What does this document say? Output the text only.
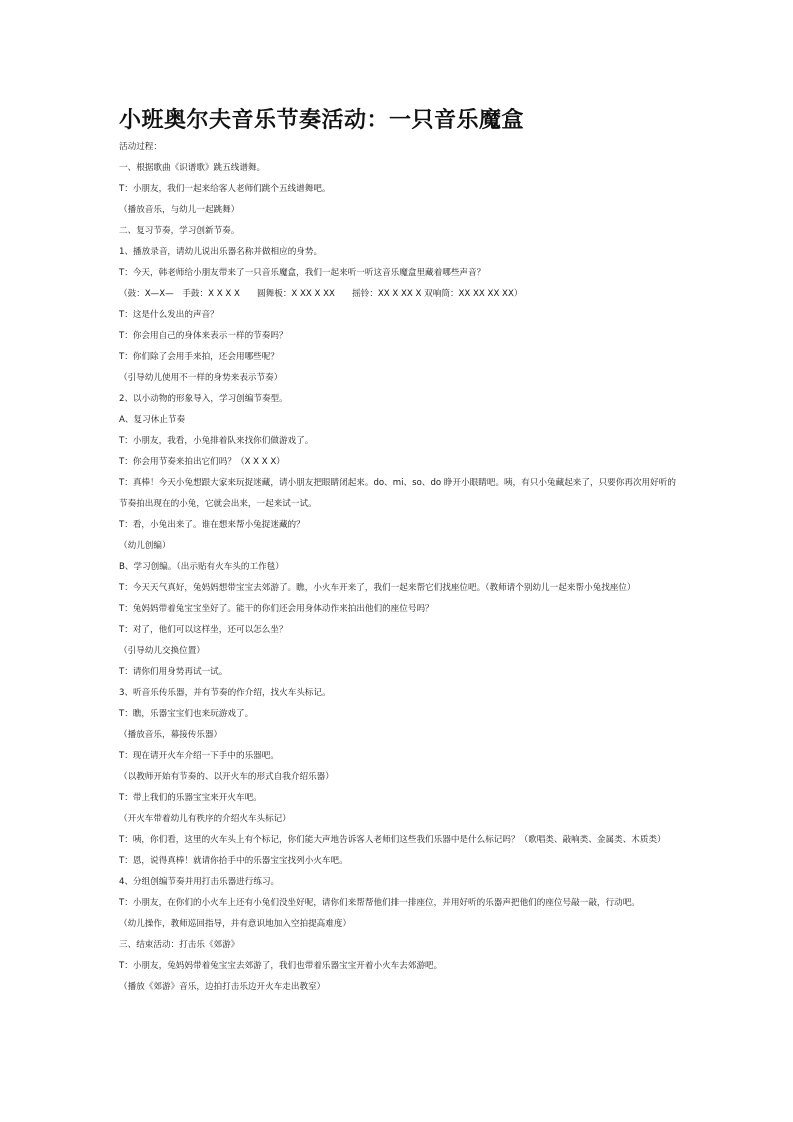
小班奥尔夫音乐节奏活动：一只音乐魔盒
活动过程：
一、根据歌曲《识谱歌》跳五线谱舞。
T：小朋友，我们一起来给客人老师们跳个五线谱舞吧。
（播放音乐，与幼儿一起跳舞）
二、复习节奏，学习创新节奏。
1、播放录音，请幼儿说出乐器名称并做相应的身势。
T：今天，韩老师给小朋友带来了一只音乐魔盒，我们一起来听一听这音乐魔盒里藏着哪些声音？
（鼓：X—X—　手鼓：X X X X　　圆舞板：X XX X XX　　摇铃：XX X XX X 双响筒：XX XX XX XX）
T：这是什么发出的声音？
T：你会用自己的身体来表示一样的节奏吗？
T：你们除了会用手来拍，还会用哪些呢？
（引导幼儿使用不一样的身势来表示节奏）
2、以小动物的形象导入，学习创编节奏型。
A、复习休止节奏
T：小朋友，我看，小兔排着队来找你们做游戏了。
T：你会用节奏来拍出它们吗？（X X X X）
T：真棒！今天小兔想跟大家来玩捉迷藏，请小朋友把眼睛闭起来。do、mi、so、do 睁开小眼睛吧。咦，有只小兔藏起来了，只要你再次用好听的节奏拍出现在的小兔，它就会出来，一起来试一试。
T：看，小兔出来了。谁在想来帮小兔捉迷藏的？
（幼儿创编）
B、学习创编。（出示贴有火车头的工作毯）
T：今天天气真好，兔妈妈想带宝宝去郊游了。瞧，小火车开来了，我们一起来帮它们找座位吧。（教师请个别幼儿一起来帮小兔找座位）
T：兔妈妈带着兔宝宝坐好了。能干的你们还会用身体动作来拍出他们的座位号吗？
T：对了，他们可以这样坐，还可以怎么坐？
（引导幼儿交换位置）
T：请你们用身势再试一试。
3、听音乐传乐器，并有节奏的作介绍，找火车头标记。
T：瞧，乐器宝宝们也来玩游戏了。
（播放音乐，幕接传乐器）
T：现在请开火车介绍一下手中的乐器吧。
（以教师开始有节奏的、以开火车的形式自我介绍乐器）
T：带上我们的乐器宝宝来开火车吧。
（开火车带着幼儿有秩序的介绍火车头标记）
T：咦，你们看，这里的火车头上有个标记，你们能大声地告诉客人老师们这些我们乐器中是什么标记吗？（歌唱类、敲响类、金属类、木质类）
T：恩，说得真棒！就请你拾手中的乐器宝宝找列小火车吧。
4、分组创编节奏并用打击乐器进行练习。
T：小朋友，在你们的小火车上还有小兔们没坐好呢，请你们来帮帮他们排一排座位，并用好听的乐器声把他们的座位号敲一敲，行动吧。
（幼儿操作，教师巡回指导，并有意识地加入空拍提高难度）
三、结束活动：打击乐《郊游》
T：小朋友，兔妈妈带着兔宝宝去郊游了，我们也带着乐器宝宝开着小火车去郊游吧。
（播放《郊游》音乐，边拍打击乐边开火车走出教室）
